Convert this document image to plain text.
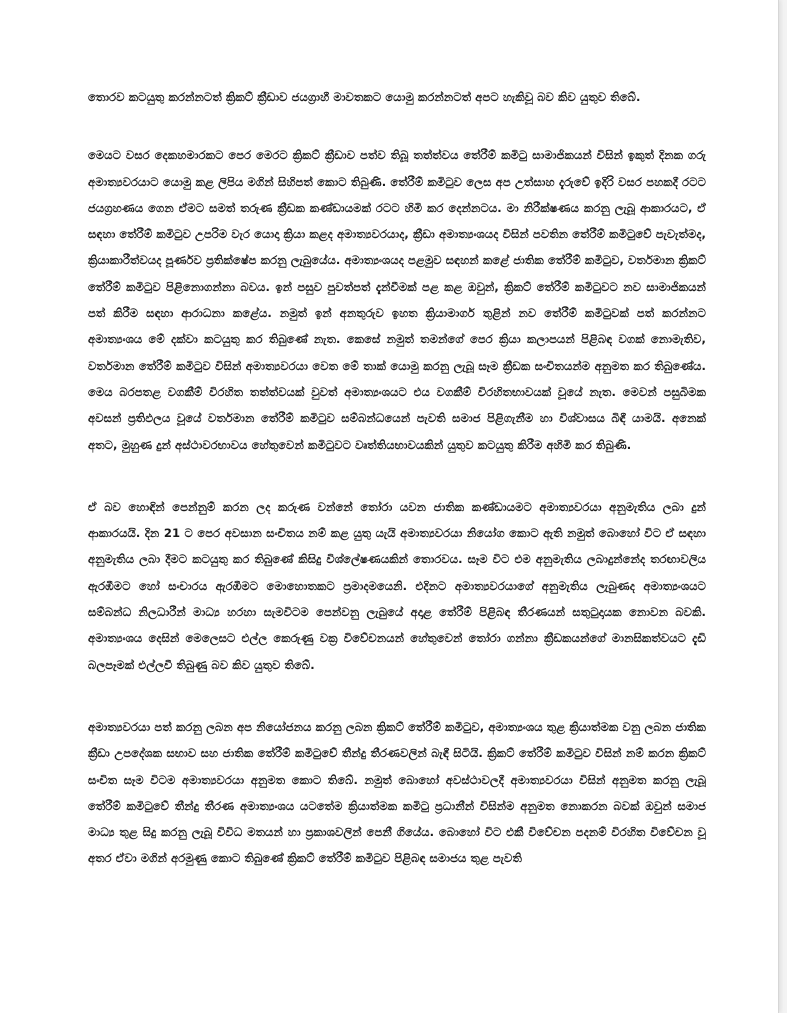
තොරව කටයුතු කරන්නටත් ක්‍රිකට් ක්‍රීඩාව ජයග්‍රාහී මාවතකට යොමු කරන්නටත් අපට හැකිවූ බව කිව යුතුව තිබේ.

මෙයට වසර දෙකහමාරකට පෙර මෙරට ක්‍රිකට් ක්‍රීඩාව පත්ව තිබූ තත්ත්වය තේරීම් කමිටු සාමාජිකයන් විසින් ඉකුත් දිනක ගරු අමාත්‍යවරයාට යොමු කළ ලිපිය මගින් සිහිපත් කොට තිබුණි. තේරීම් කමිටුව ලෙස අප උත්සාහ දැරුවේ ඉදිරි වසර පහකදී රටට ජයග්‍රහණය ගෙන ඒමට සමත් තරුණ ක්‍රීඩක කණ්ඩායමක් රටට හිමි කර දෙන්නටය. මා නිරීක්ෂණය කරනු ලැබූ ආකාරයට, ඒ සඳහා තේරීම් කමිටුව උපරිම වැර යොදා ක්‍රියා කළද අමාත්‍යවරයාද, ක්‍රීඩා අමාත්‍යංශයද විසින් පවතින තේරීම් කමිටුවේ පැවැත්මද, ක්‍රියාකාරීත්වයද පූර්ණව ප්‍රතික්ෂේප කරනු ලැබුයේය. අමාත්‍යංශයද පළමුව සඳහන් කළේ ජාතික තේරීම් කමිටුව, වර්තමාන ක්‍රිකට් තේරීම් කමිටුව පිළිනොගන්නා බවය. ඉන් පසුව පුවත්පත් දැන්වීමක් පළ කළ ඔවුන්, ක්‍රිකට් තේරීම් කමිටුවට නව සාමාජිකයන් පත් කිරීම සඳහා ආරාධනා කළේය. නමුත් ඉන් අනතුරුව ඉහත ක්‍රියාමාර්ග තුළින් නව තේරීම් කමිටුවක් පත් කරන්නට අමාත්‍යංශය මේ දක්වා කටයුතු කර තිබුණේ නැත. කෙසේ නමුත් තමන්ගේ පෙර ක්‍රියා කලාපයන් පිළිබඳ වගක් නොමැතිව, වර්තමාන තේරීම් කමිටුව විසින් අමාත්‍යවරයා වෙත මේ තාක් යොමු කරනු ලැබූ සෑම ක්‍රීඩක සංචිතයන්ම අනුමත කර තිබුණේය. මෙය බරපතළ වගකීම් විරහිත තත්ත්වයක් වුවත් අමාත්‍යංශයට එය වගකීම් විරහිතභාවයක් වූයේ නැත. මෙවන් පසුබිමක අවසන් ප්‍රතිඵලය වූයේ වර්තමාන තේරීම් කමිටුව සම්බන්ධයෙන් පැවති සමාජ පිළිගැනීම හා විශ්වාසය බිඳී යාමයි. අනෙක් අතට, මුහුණ දුන් අස්ථාවරභාවය හේතුවෙන් කමිටුවට වෘත්තියභාවයකින් යුතුව කටයුතු කිරීම අහිමි කර තිබුණි.

ඒ බව හොඳින් පෙන්නුම් කරන ලද කරුණ වන්නේ තෝරා යවන ජාතික කණ්ඩායමට අමාත්‍යවරයා අනුමැතිය ලබා දුන් ආකාරයයි. දින 21 ට පෙර අවසාන සංචිතය නම් කළ යුතු යැයි අමාත්‍යවරයා නියෝග කොට ඇති නමුත් බොහෝ විට ඒ සඳහා අනුමැතිය ලබා දීමට කටයුතු කර තිබුණේ කිසිදු විශ්ලේෂණයකින් තොරවය. සෑම විට එම අනුමැතිය ලබාදුන්නේද තරඟාවලිය ඇරඹීමට හෝ සංචාරය ඇරඹීමට මොහොතකට ප්‍රමාදමයෙනි. එදිනට අමාත්‍යවරයාගේ අනුමැතිය ලැබුණද අමාත්‍යංශයට සම්බන්ධ නිලධාරීන් මාධ්‍ය හරහා සැමවිටම පෙන්වනු ලැබුයේ අදාළ තේරීම් පිළිබඳ තීරණයන් සතුටුදායක නොවන බවකි. අමාත්‍යංශය දෙසින් මෙලෙසට එල්ල කෙරුණු වක්‍ර විවේචනයන් හේතුවෙන් තෝරා ගන්නා ක්‍රීඩකයන්ගේ මානසිකත්වයට දැඩි බලපෑමක් එල්ලවී තිබුණු බව කිව යුතුව තිබේ.

අමාත්‍යවරයා පත් කරනු ලබන අප නියෝජනය කරනු ලබන ක්‍රිකට් තේරීම් කමිටුව, අමාත්‍යංශය තුළ ක්‍රියාත්මක වනු ලබන ජාතික ක්‍රීඩා උපදේශක සභාව සහ ජාතික තේරීම් කමිටුවේ තීන්දු තීරණවලින් බැඳී සිටියි. ක්‍රිකට් තේරීම් කමිටුව විසින් නම් කරන ක්‍රිකට් සංචිත සෑම විටම අමාත්‍යවරයා අනුමත කොට තිබේ. නමුත් බොහෝ අවස්ථාවලදී අමාත්‍යවරයා විසින් අනුමත කරනු ලැබූ තේරීම් කමිටුවේ තීන්දු තීරණ අමාත්‍යංශය යටතේම ක්‍රියාත්මක කමිටු ප්‍රධානීන් විසින්ම අනුමත නොකරන බවක් ඔවුන් සමාජ මාධ්‍ය තුළ සිදු කරනු ලැබූ විවිධ මතයන් හා ප්‍රකාශවලින් පෙනී ගියේය. බොහෝ විට එකී විවේචන පදනම් විරහිත විවේචන වූ අතර ඒවා මගින් අරමුණු කොට තිබුණේ ක්‍රිකට් තේරීම් කමිටුව පිළිබඳ සමාජය තුළ පැවති
